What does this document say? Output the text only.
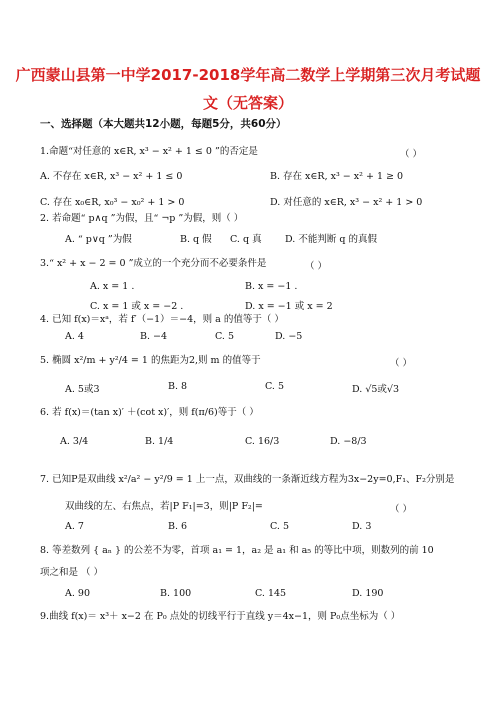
广西蒙山县第一中学2017-2018学年高二数学上学期第三次月考试题
文（无答案）
一、选择题（本大题共12小题，每题5分，共60分）
1.命题“对任意的 x∈R, x³ − x² + 1 ≤ 0 ”的否定是	（ ）
A. 不存在 x∈R, x³ − x² + 1 ≤ 0	B. 存在 x∈R, x³ − x² + 1 ≥ 0
C. 存在 x₀∈R, x₀³ − x₀² + 1 > 0	D. 对任意的 x∈R, x³ − x² + 1 > 0
2. 若命题“ p∧q ”为假，且“ ¬p ”为假，则（ ）
A. “ p∨q ”为假	B. q 假 C. q 真 D. 不能判断 q 的真假
3.“ x² + x − 2 = 0 ”成立的一个充分而不必要条件是	（ ）
A. x = 1 .	B. x = −1 .
C. x = 1 或 x = −2 .	D. x = −1 或 x = 2
4. 已知 f(x)＝xᵃ，若 f′（−1）＝−4，则 a 的值等于（ ）
A. 4	B. −4	C. 5	D. −5
5. 椭圆 x²/m + y²/4 = 1 的焦距为2,则 m 的值等于	（ ）
A. 5或3	B. 8	C. 5	D. √5或√3
6. 若 f(x)＝(tan x)′ ＋(cot x)′，则 f(π/6)等于（ ）
A. 3/4	B. 1/4	C. 16/3	D. −8/3
7. 已知P是双曲线 x²/a² − y²/9 = 1 上一点，双曲线的一条渐近线方程为3x−2y=0,F₁、F₂分别是
双曲线的左、右焦点，若|P F₁|=3，则|P F₂|=	（ ）
A. 7	B. 6	C. 5	D. 3
8. 等差数列 { aₙ } 的公差不为零，首项 a₁ = 1，a₂ 是 a₁ 和 a₅ 的等比中项，则数列的前 10
项之和是 （ ）
A. 90	B. 100	C. 145	D. 190
9.曲线 f(x)＝ x³＋ x−2 在 P₀ 点处的切线平行于直线 y＝4x−1，则 P₀点坐标为（ ）
